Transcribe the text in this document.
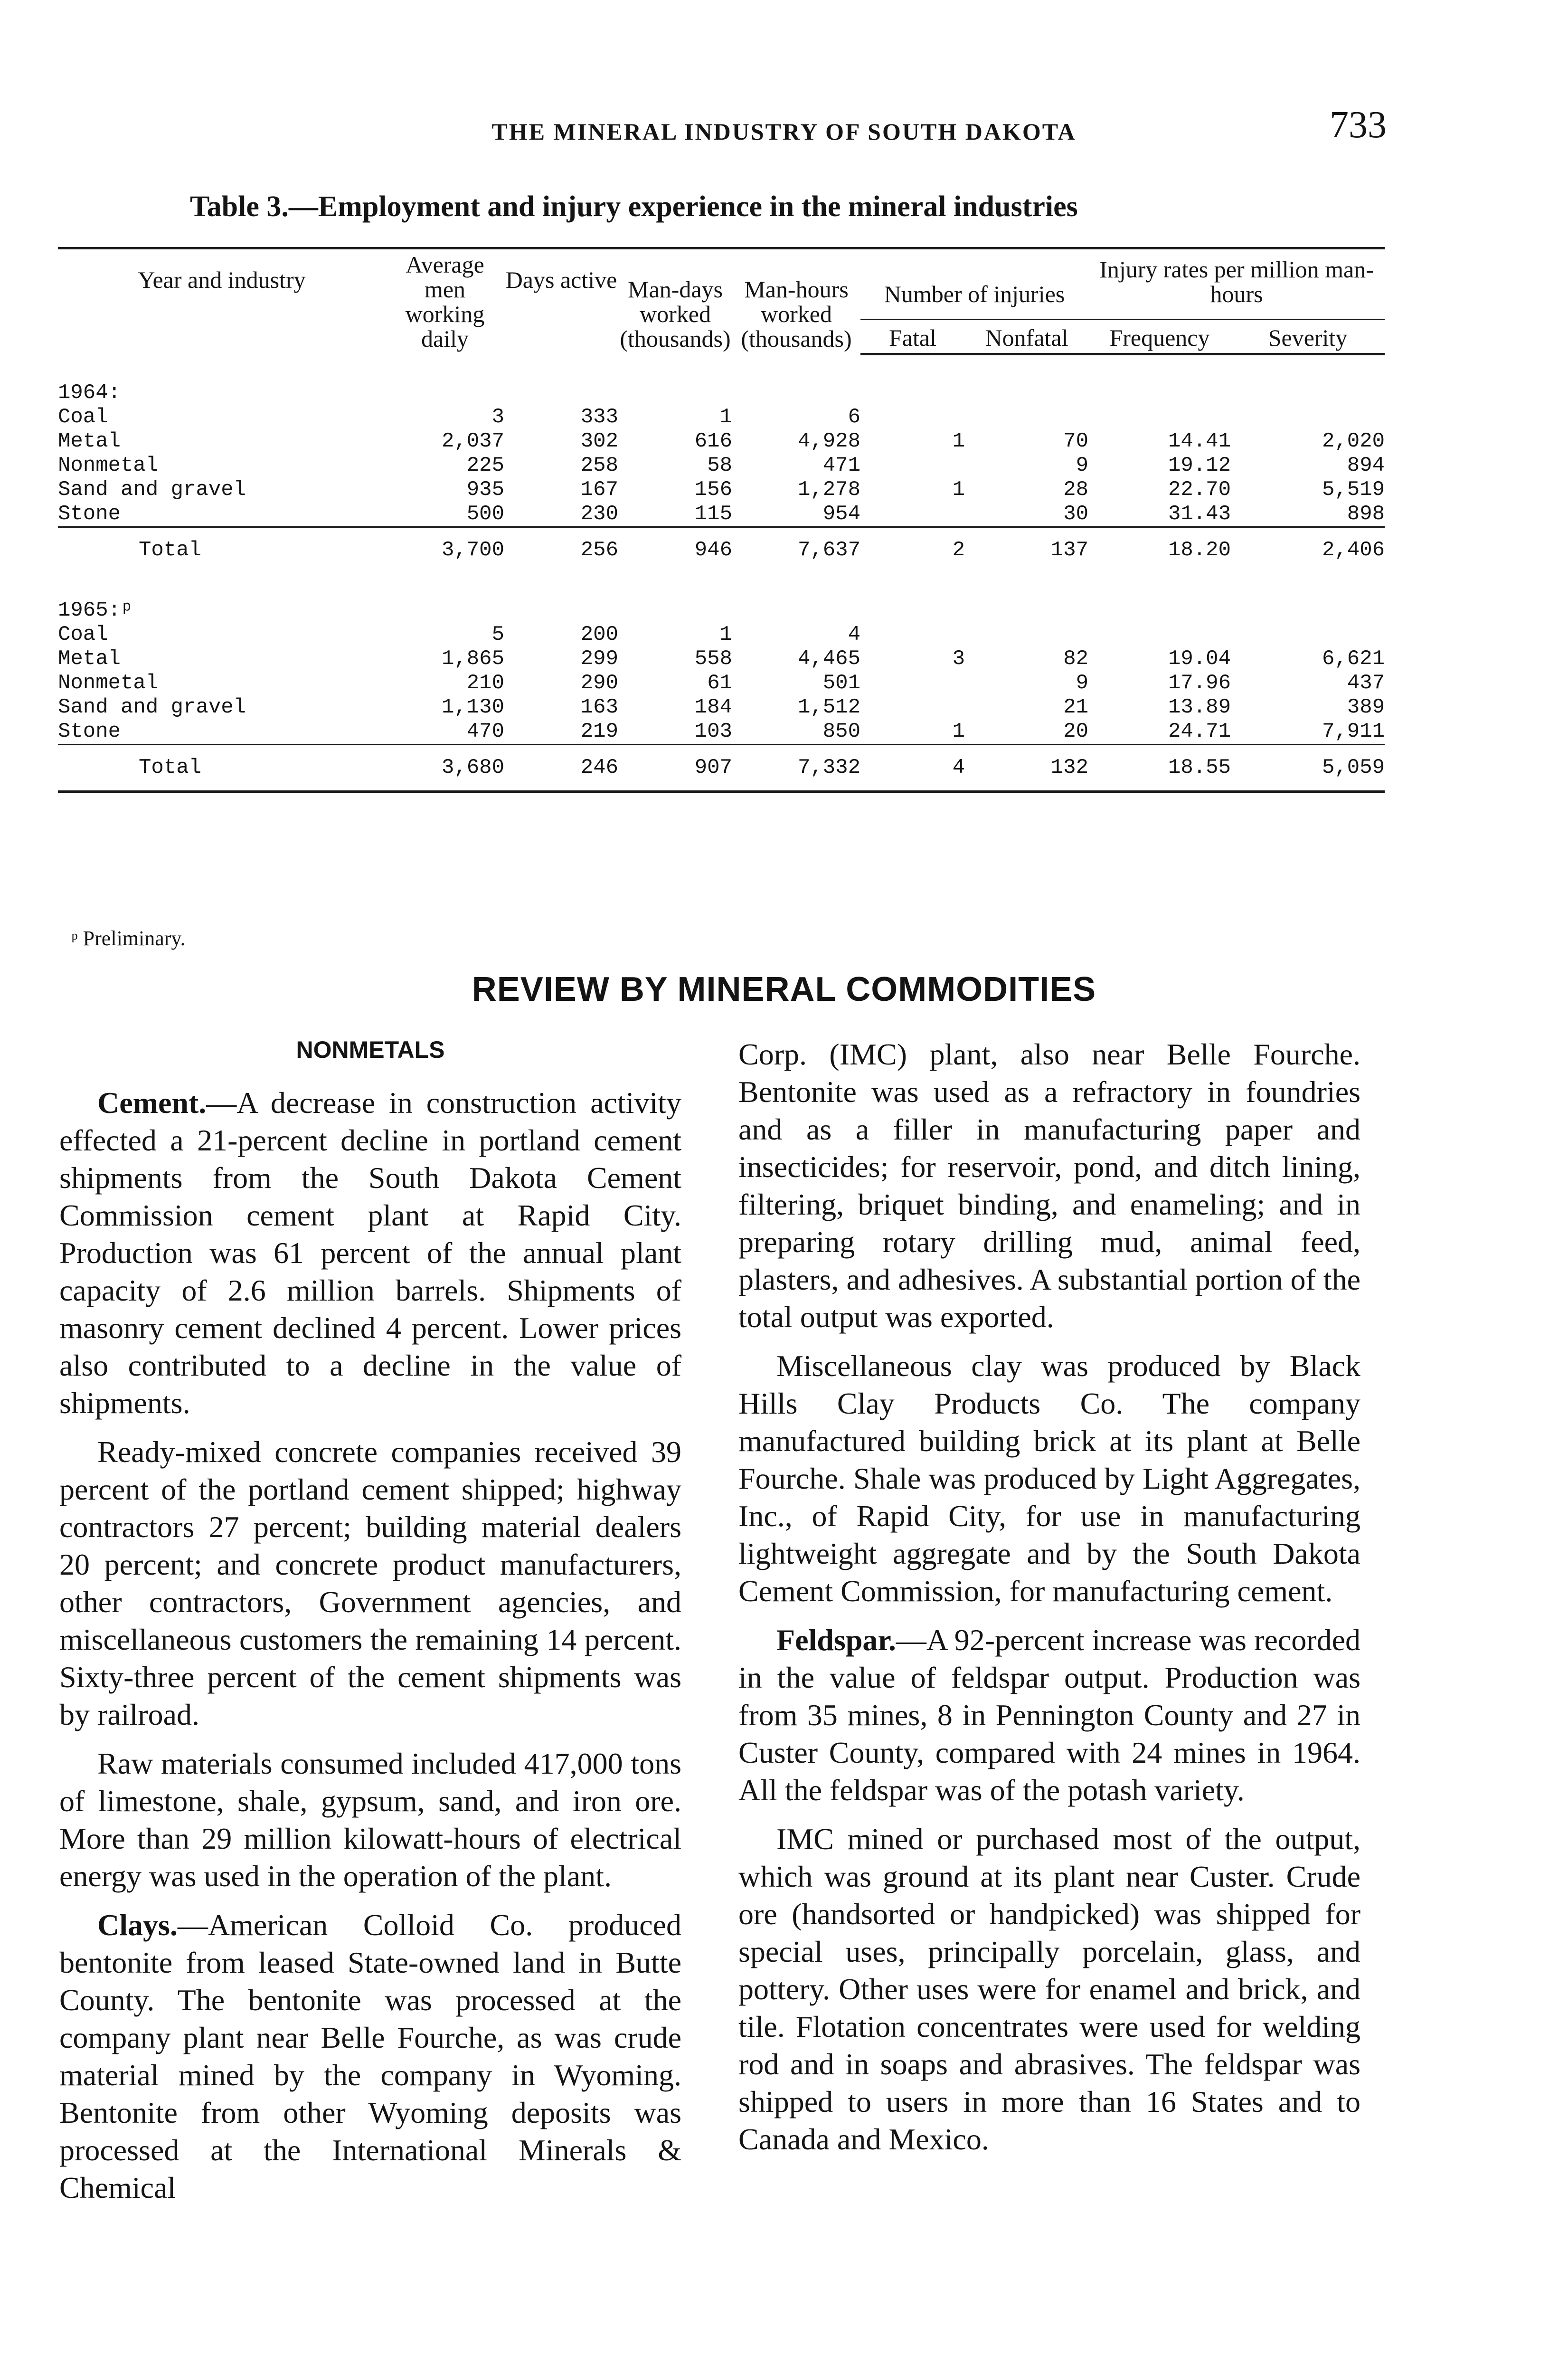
THE MINERAL INDUSTRY OF SOUTH DAKOTA	733
Table 3.—Employment and injury experience in the mineral industries
Year and industry	Average men working daily	Days active	Man-days worked (thousands)	Man-hours worked (thousands)	Number of injuries		Injury rates per million man-hours	
					Fatal	Nonfatal	Frequency	Severity
1964:								
Coal	3	333	1	6				
Metal	2,037	302	616	4,928	1	70	14.41	2,020
Nonmetal	225	258	58	471		9	19.12	894
Sand and gravel	935	167	156	1,278	1	28	22.70	5,519
Stone	500	230	115	954		30	31.43	898
Total	3,700	256	946	7,637	2	137	18.20	2,406
1965:ᵖ								
Coal	5	200	1	4				
Metal	1,865	299	558	4,465	3	82	19.04	6,621
Nonmetal	210	290	61	501		9	17.96	437
Sand and gravel	1,130	163	184	1,512		21	13.89	389
Stone	470	219	103	850	1	20	24.71	7,911
Total	3,680	246	907	7,332	4	132	18.55	5,059
ᵖ Preliminary.
REVIEW BY MINERAL COMMODITIES
NONMETALS

Cement.—A decrease in construction activity effected a 21-percent decline in portland cement shipments from the South Dakota Cement Commission cement plant at Rapid City. Production was 61 percent of the annual plant capacity of 2.6 million barrels. Shipments of masonry cement declined 4 percent. Lower prices also contributed to a decline in the value of shipments.

Ready-mixed concrete companies received 39 percent of the portland cement shipped; highway contractors 27 percent; building material dealers 20 percent; and concrete product manufacturers, other contractors, Government agencies, and miscellaneous customers the remaining 14 percent. Sixty-three percent of the cement shipments was by railroad.

Raw materials consumed included 417,000 tons of limestone, shale, gypsum, sand, and iron ore. More than 29 million kilowatt-hours of electrical energy was used in the operation of the plant.

Clays.—American Colloid Co. produced bentonite from leased State-owned land in Butte County. The bentonite was processed at the company plant near Belle Fourche, as was crude material mined by the company in Wyoming. Bentonite from other Wyoming deposits was processed at the International Minerals & Chemical

Corp. (IMC) plant, also near Belle Fourche. Bentonite was used as a refractory in foundries and as a filler in manufacturing paper and insecticides; for reservoir, pond, and ditch lining, filtering, briquet binding, and enameling; and in preparing rotary drilling mud, animal feed, plasters, and adhesives. A substantial portion of the total output was exported.

Miscellaneous clay was produced by Black Hills Clay Products Co. The company manufactured building brick at its plant at Belle Fourche. Shale was produced by Light Aggregates, Inc., of Rapid City, for use in manufacturing lightweight aggregate and by the South Dakota Cement Commission, for manufacturing cement.

Feldspar.—A 92-percent increase was recorded in the value of feldspar output. Production was from 35 mines, 8 in Pennington County and 27 in Custer County, compared with 24 mines in 1964. All the feldspar was of the potash variety.

IMC mined or purchased most of the output, which was ground at its plant near Custer. Crude ore (handsorted or handpicked) was shipped for special uses, principally porcelain, glass, and pottery. Other uses were for enamel and brick, and tile. Flotation concentrates were used for welding rod and in soaps and abrasives. The feldspar was shipped to users in more than 16 States and to Canada and Mexico.
